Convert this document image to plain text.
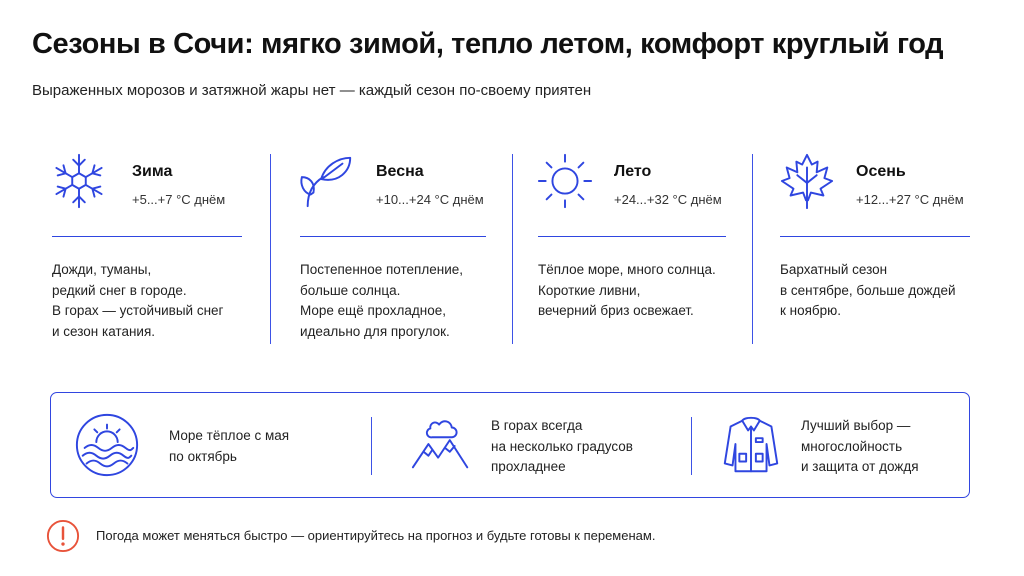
Сезоны в Сочи: мягко зимой, тепло летом, комфорт круглый год
Выраженных морозов и затяжной жары нет — каждый сезон по-своему приятен
Зима
+5...+7 °C днём
Дожди, туманы,
редкий снег в городе.
В горах — устойчивый снег
и сезон катания.
Весна
+10...+24 °C днём
Постепенное потепление,
больше солнца.
Море ещё прохладное,
идеально для прогулок.
Лето
+24...+32 °C днём
Тёплое море, много солнца.
Короткие ливни,
вечерний бриз освежает.
Осень
+12...+27 °C днём
Бархатный сезон
в сентябре, больше дождей
к ноябрю.
Море тёплое с мая
по октябрь
В горах всегда
на несколько градусов
прохладнее
Лучший выбор —
многослойность
и защита от дождя
Погода может меняться быстро — ориентируйтесь на прогноз и будьте готовы к переменам.
